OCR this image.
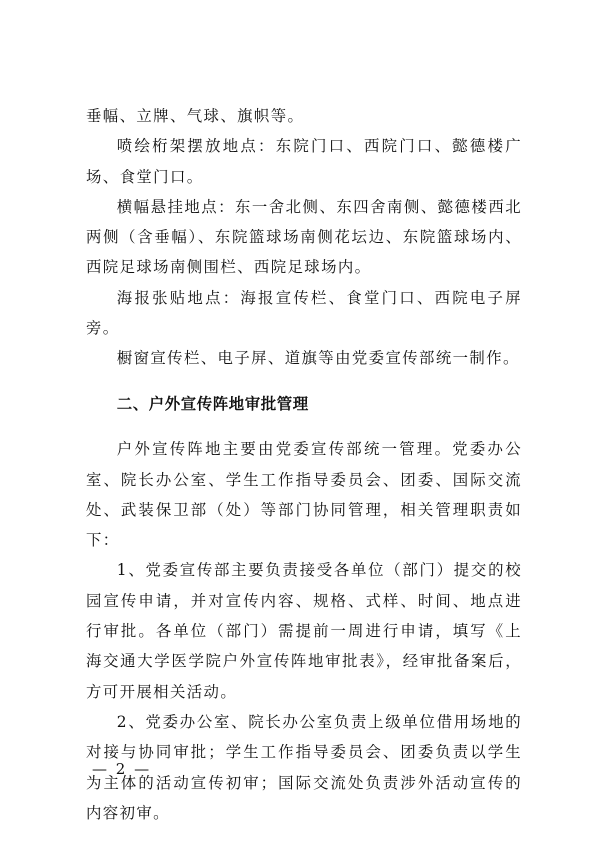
垂幅、立牌、气球、旗帜等。

喷绘桁架摆放地点：东院门口、西院门口、懿德楼广场、食堂门口。

横幅悬挂地点：东一舍北侧、东四舍南侧、懿德楼西北两侧（含垂幅）、东院篮球场南侧花坛边、东院篮球场内、西院足球场南侧围栏、西院足球场内。

海报张贴地点：海报宣传栏、食堂门口、西院电子屏旁。

橱窗宣传栏、电子屏、道旗等由党委宣传部统一制作。

二、户外宣传阵地审批管理

户外宣传阵地主要由党委宣传部统一管理。党委办公室、院长办公室、学生工作指导委员会、团委、国际交流处、武装保卫部（处）等部门协同管理，相关管理职责如下：

1、党委宣传部主要负责接受各单位（部门）提交的校园宣传申请，并对宣传内容、规格、式样、时间、地点进行审批。各单位（部门）需提前一周进行申请，填写《上海交通大学医学院户外宣传阵地审批表》，经审批备案后，方可开展相关活动。

2、党委办公室、院长办公室负责上级单位借用场地的对接与协同审批；学生工作指导委员会、团委负责以学生为主体的活动宣传初审；国际交流处负责涉外活动宣传的内容初审。

— 2 —
